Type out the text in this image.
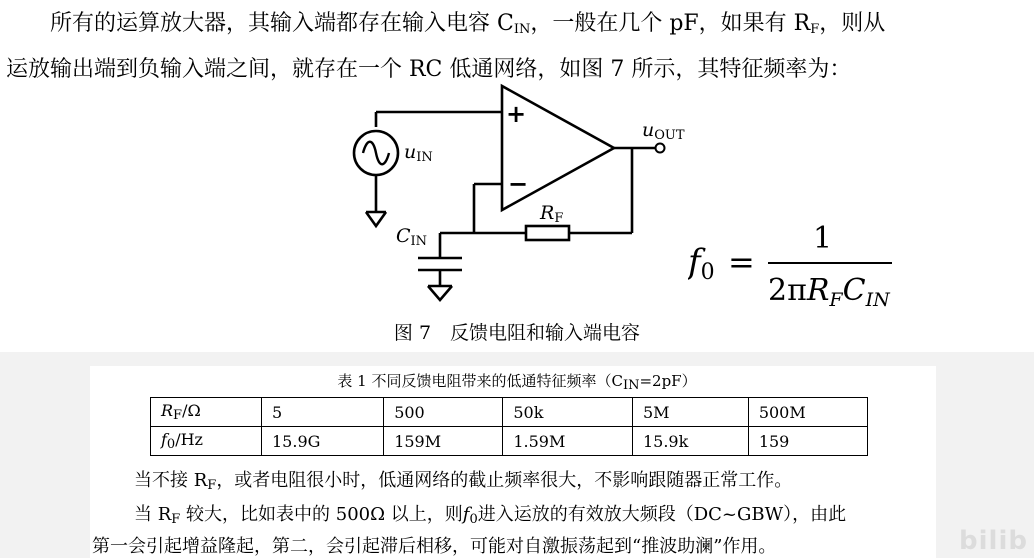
所有的运算放大器，其输入端都存在输入电容 $C_{IN}$，一般在几个 pF，如果有 $R_F$，则从
运放输出端到负输入端之间，就存在一个 RC 低通网络，如图 7 所示，其特征频率为：

+
−
uIN
uOUT
RF
CIN
f0 =
1
$2\pi R_FC_{IN}$
图 7　反馈电阻和输入端电容
表 1 不同反馈电阻带来的低通特征频率（CIN=2pF）
$R_F/\Omega$	5	500	50k	5M	500M
$f_0/Hz$	15.9G	159M	1.59M	15.9k	159

当不接 $R_F$，或者电阻很小时，低通网络的截止频率很大，不影响跟随器正常工作。

当 $R_F$ 较大，比如表中的 500Ω 以上，则$f_0$进入运放的有效放大频段（DC~GBW），由此

第一会引起增益隆起，第二，会引起滞后相移，可能对自激振荡起到“推波助澜”作用。	bilib
